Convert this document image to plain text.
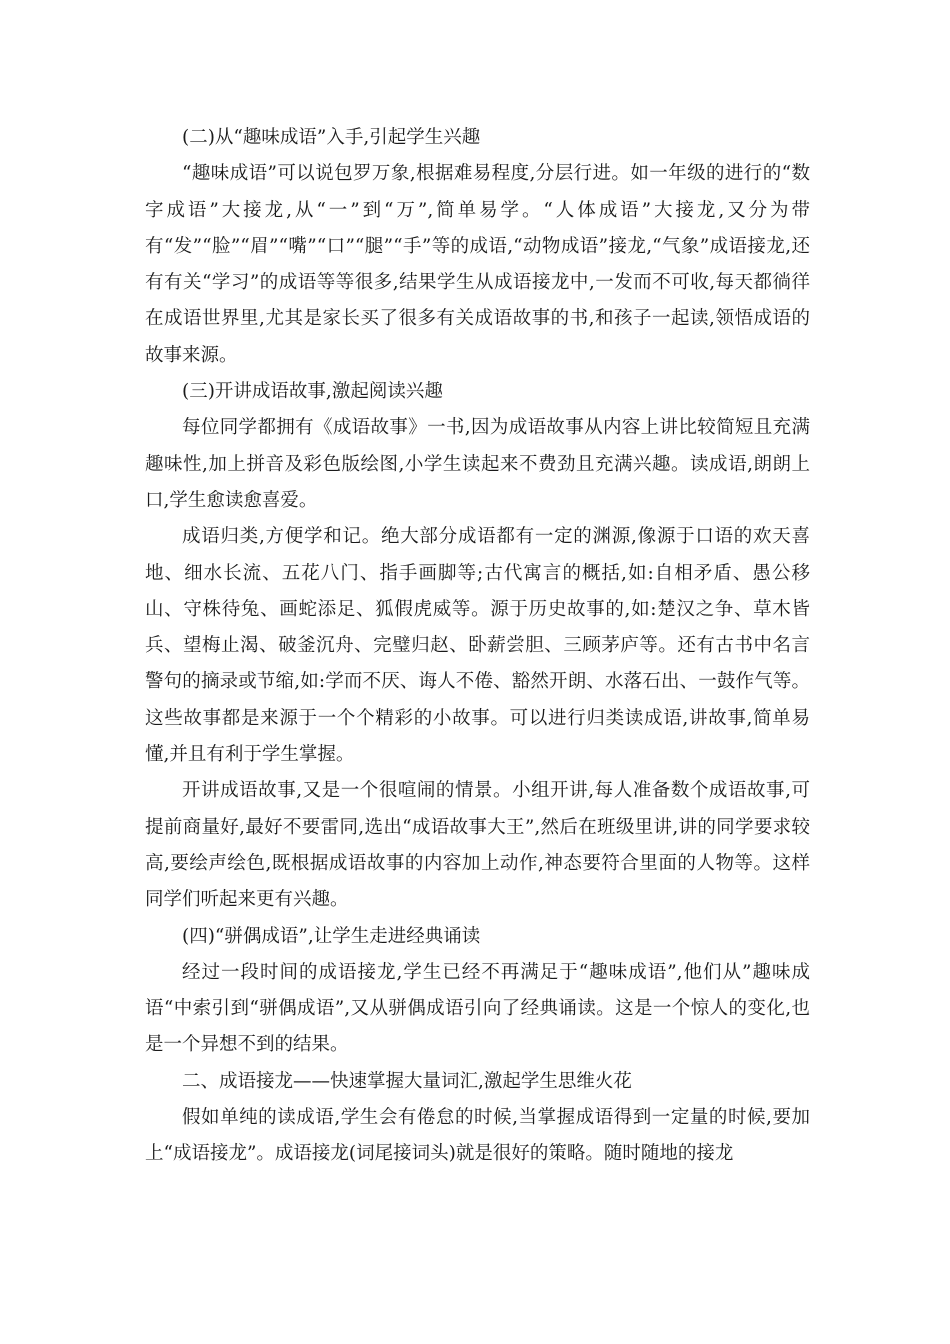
(二)从“趣味成语”入手,引起学生兴趣

“趣味成语”可以说包罗万象,根据难易程度,分层行进。如一年级的进行的“数字成语”大接龙,从“一”到“万”,简单易学。“人体成语”大接龙,又分为带有“发”“脸”“眉”“嘴”“口”“腿”“手”等的成语,“动物成语”接龙,“气象”成语接龙,还有有关“学习”的成语等等很多,结果学生从成语接龙中,一发而不可收,每天都徜徉在成语世界里,尤其是家长买了很多有关成语故事的书,和孩子一起读,领悟成语的故事来源。

(三)开讲成语故事,激起阅读兴趣

每位同学都拥有《成语故事》一书,因为成语故事从内容上讲比较简短且充满趣味性,加上拼音及彩色版绘图,小学生读起来不费劲且充满兴趣。读成语,朗朗上口,学生愈读愈喜爱。

成语归类,方便学和记。绝大部分成语都有一定的渊源,像源于口语的欢天喜地、细水长流、五花八门、指手画脚等;古代寓言的概括,如:自相矛盾、愚公移山、守株待兔、画蛇添足、狐假虎威等。源于历史故事的,如:楚汉之争、草木皆兵、望梅止渴、破釜沉舟、完璧归赵、卧薪尝胆、三顾茅庐等。还有古书中名言警句的摘录或节缩,如:学而不厌、诲人不倦、豁然开朗、水落石出、一鼓作气等。这些故事都是来源于一个个精彩的小故事。可以进行归类读成语,讲故事,简单易懂,并且有利于学生掌握。

开讲成语故事,又是一个很喧闹的情景。小组开讲,每人准备数个成语故事,可提前商量好,最好不要雷同,选出“成语故事大王”,然后在班级里讲,讲的同学要求较高,要绘声绘色,既根据成语故事的内容加上动作,神态要符合里面的人物等。这样同学们听起来更有兴趣。

(四)“骈偶成语”,让学生走进经典诵读

经过一段时间的成语接龙,学生已经不再满足于“趣味成语”,他们从”趣味成语“中索引到“骈偶成语”,又从骈偶成语引向了经典诵读。这是一个惊人的变化,也是一个异想不到的结果。

二、成语接龙——快速掌握大量词汇,激起学生思维火花

假如单纯的读成语,学生会有倦怠的时候,当掌握成语得到一定量的时候,要加上“成语接龙”。成语接龙(词尾接词头)就是很好的策略。随时随地的接龙
